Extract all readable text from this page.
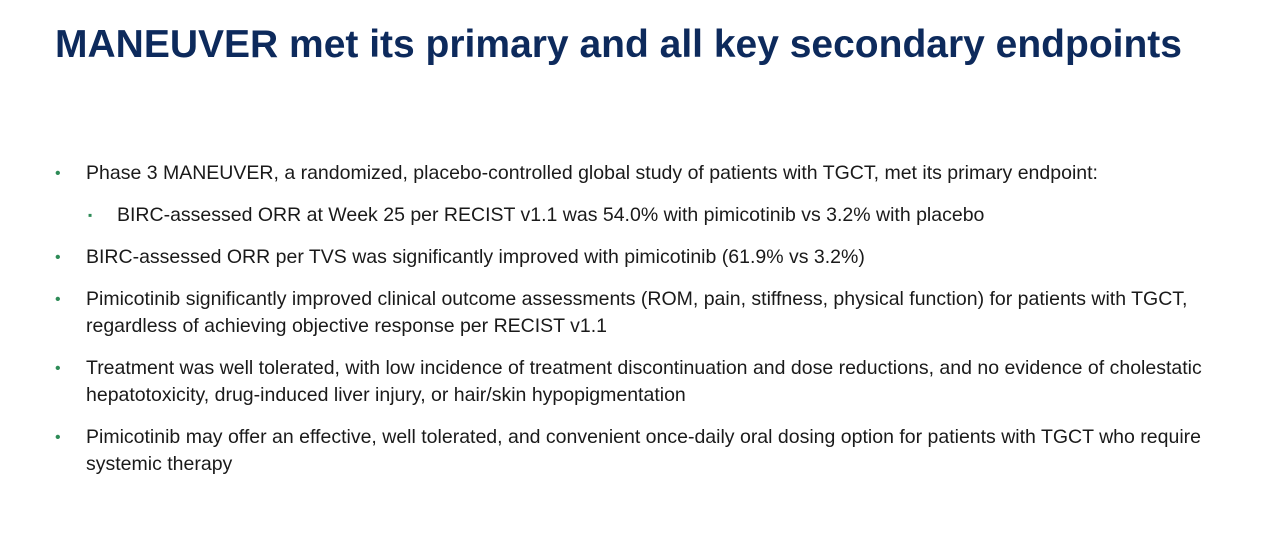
MANEUVER met its primary and all key secondary endpoints
•	Phase 3 MANEUVER, a randomized, placebo-controlled global study of patients with TGCT, met its primary endpoint:
▪	BIRC-assessed ORR at Week 25 per RECIST v1.1 was 54.0% with pimicotinib vs 3.2% with placebo
•	BIRC-assessed ORR per TVS was significantly improved with pimicotinib (61.9% vs 3.2%)
•	Pimicotinib significantly improved clinical outcome assessments (ROM, pain, stiffness, physical function) for patients with TGCT, regardless of achieving objective response per RECIST v1.1
•	Treatment was well tolerated, with low incidence of treatment discontinuation and dose reductions, and no evidence of cholestatic hepatotoxicity, drug-induced liver injury, or hair/skin hypopigmentation
•	Pimicotinib may offer an effective, well tolerated, and convenient once-daily oral dosing option for patients with TGCT who require systemic therapy
